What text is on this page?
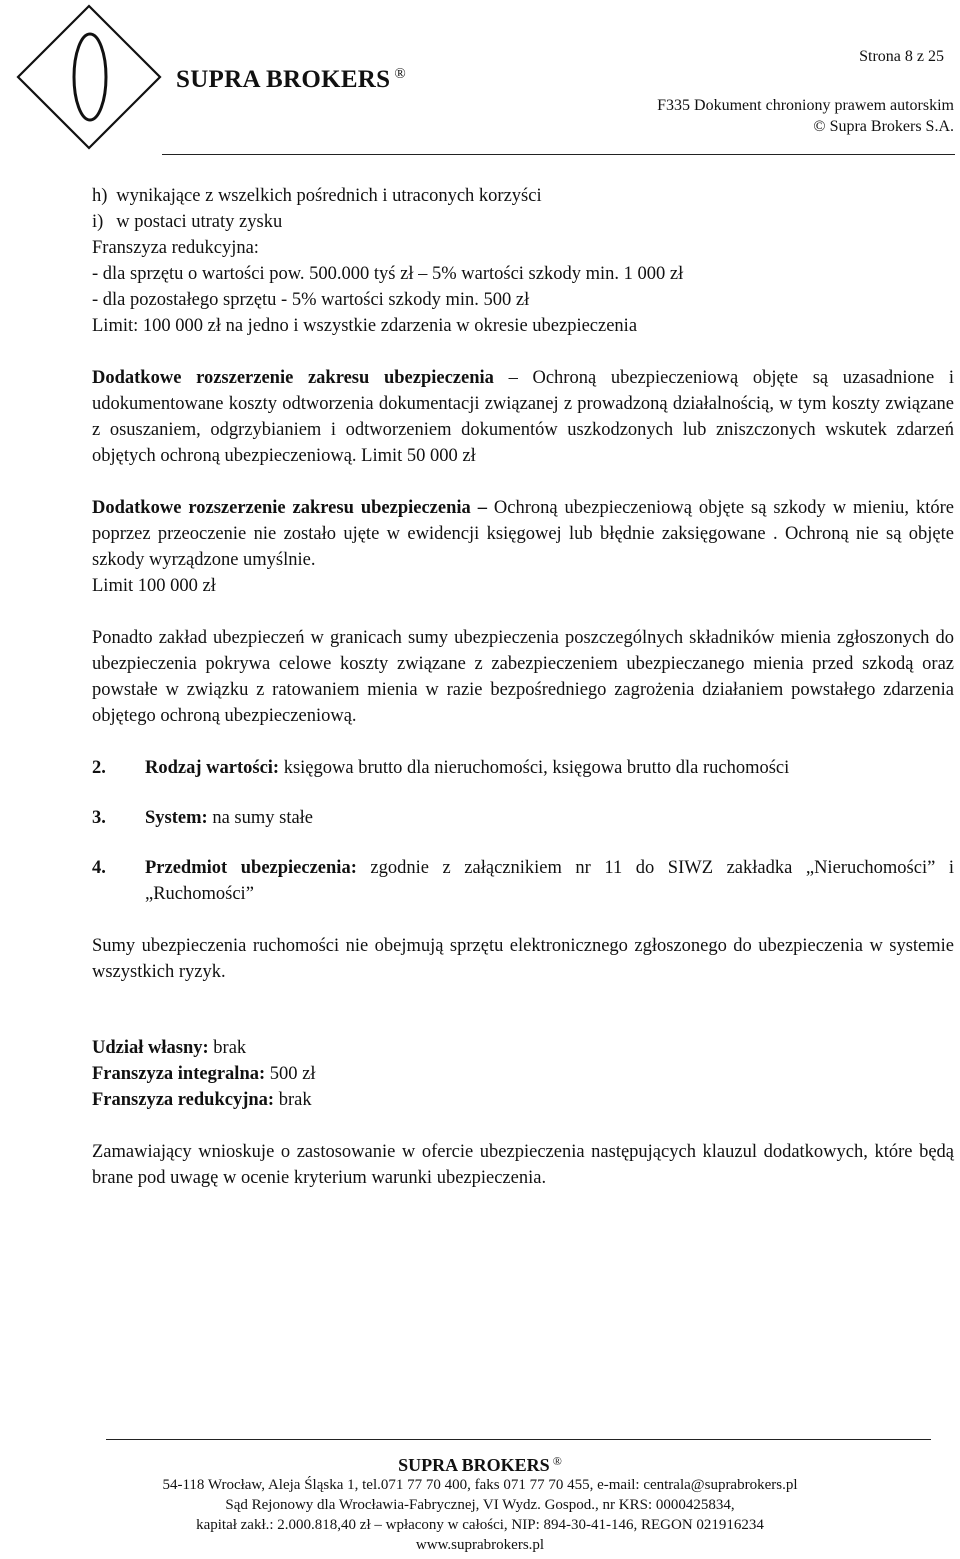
Strona 8 z 25
SUPRA BROKERS ®
F335 Dokument chroniony prawem autorskim
© Supra Brokers S.A.
h) wynikające z wszelkich pośrednich i utraconych korzyści
i) w postaci utraty zysku
Franszyza redukcyjna:
- dla sprzętu o wartości pow. 500.000 tyś zł – 5% wartości szkody min. 1 000 zł
- dla pozostałego sprzętu - 5% wartości szkody min. 500 zł
Limit: 100 000 zł na jedno i wszystkie zdarzenia w okresie ubezpieczenia
Dodatkowe rozszerzenie zakresu ubezpieczenia – Ochroną ubezpieczeniową objęte są uzasadnione i udokumentowane koszty odtworzenia dokumentacji związanej z prowadzoną działalnością, w tym koszty związane z osuszaniem, odgrzybianiem i odtworzeniem dokumentów uszkodzonych lub zniszczonych wskutek zdarzeń objętych ochroną ubezpieczeniową. Limit 50 000 zł
Dodatkowe rozszerzenie zakresu ubezpieczenia – Ochroną ubezpieczeniową objęte są szkody w mieniu, które poprzez przeoczenie nie zostało ujęte w ewidencji księgowej lub błędnie zaksięgowane . Ochroną nie są objęte szkody wyrządzone umyślnie.
Limit 100 000 zł
Ponadto zakład ubezpieczeń w granicach sumy ubezpieczenia poszczególnych składników mienia zgłoszonych do ubezpieczenia pokrywa celowe koszty związane z zabezpieczeniem ubezpieczanego mienia przed szkodą oraz powstałe w związku z ratowaniem mienia w razie bezpośredniego zagrożenia działaniem powstałego zdarzenia objętego ochroną ubezpieczeniową.
2.	Rodzaj wartości: księgowa brutto dla nieruchomości, księgowa brutto dla ruchomości
3.	System: na sumy stałe
4.	Przedmiot ubezpieczenia: zgodnie z załącznikiem nr 11 do SIWZ zakładka „Nieruchomości” i „Ruchomości”
Sumy ubezpieczenia ruchomości nie obejmują sprzętu elektronicznego zgłoszonego do ubezpieczenia w systemie wszystkich ryzyk.
Udział własny: brak
Franszyza integralna: 500 zł
Franszyza redukcyjna: brak
Zamawiający wnioskuje o zastosowanie w ofercie ubezpieczenia następujących klauzul dodatkowych, które będą brane pod uwagę w ocenie kryterium warunki ubezpieczenia.
SUPRA BROKERS ®
54-118 Wrocław, Aleja Śląska 1, tel.071 77 70 400, faks 071 77 70 455, e-mail: centrala@suprabrokers.pl
Sąd Rejonowy dla Wrocławia-Fabrycznej, VI Wydz. Gospod., nr KRS: 0000425834,
kapitał zakł.: 2.000.818,40 zł – wpłacony w całości, NIP: 894-30-41-146, REGON 021916234
www.suprabrokers.pl
